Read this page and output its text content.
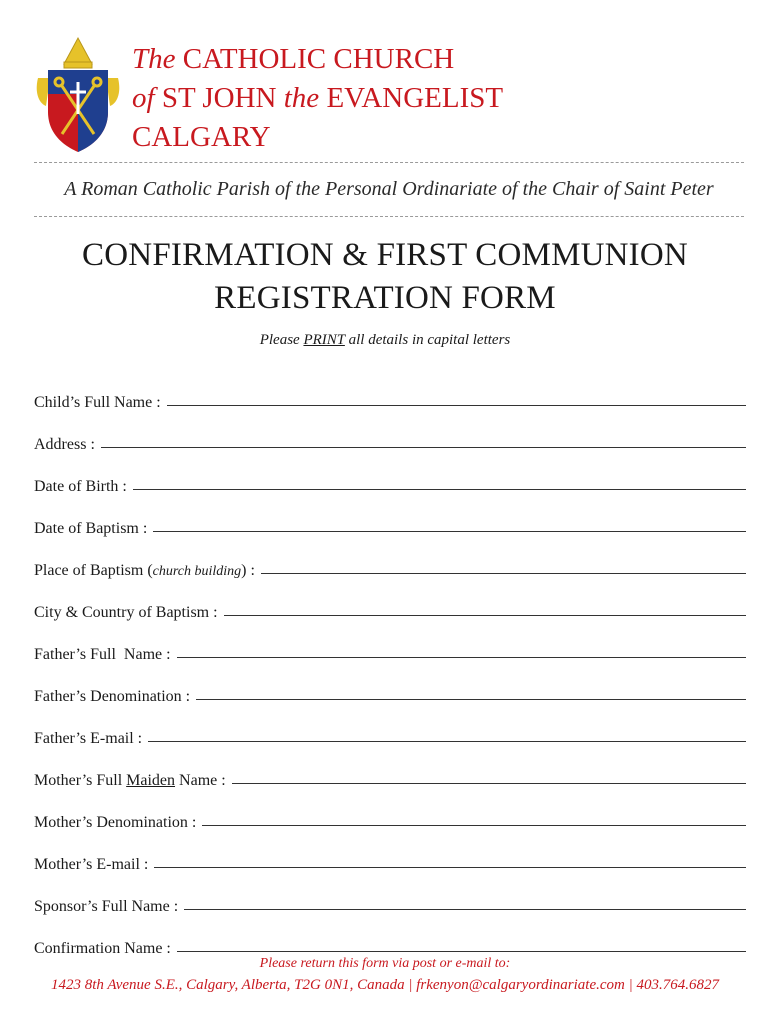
The CATHOLIC CHURCH
of ST JOHN the EVANGELIST
CALGARY
A Roman Catholic Parish of the Personal Ordinariate of the Chair of Saint Peter
CONFIRMATION & FIRST COMMUNION
REGISTRATION FORM
Please PRINT all details in capital letters
Child’s Full Name :
Address :
Date of Birth :
Date of Baptism :
Place of Baptism (church building) :
City & Country of Baptism :
Father’s Full  Name :
Father’s Denomination :
Father’s E-mail :
Mother’s Full Maiden Name :
Mother’s Denomination :
Mother’s E-mail :
Sponsor’s Full Name :
Confirmation Name :
Please return this form via post or e-mail to:
1423 8th Avenue S.E., Calgary, Alberta, T2G 0N1, Canada | frkenyon@calgaryordinariate.com | 403.764.6827
